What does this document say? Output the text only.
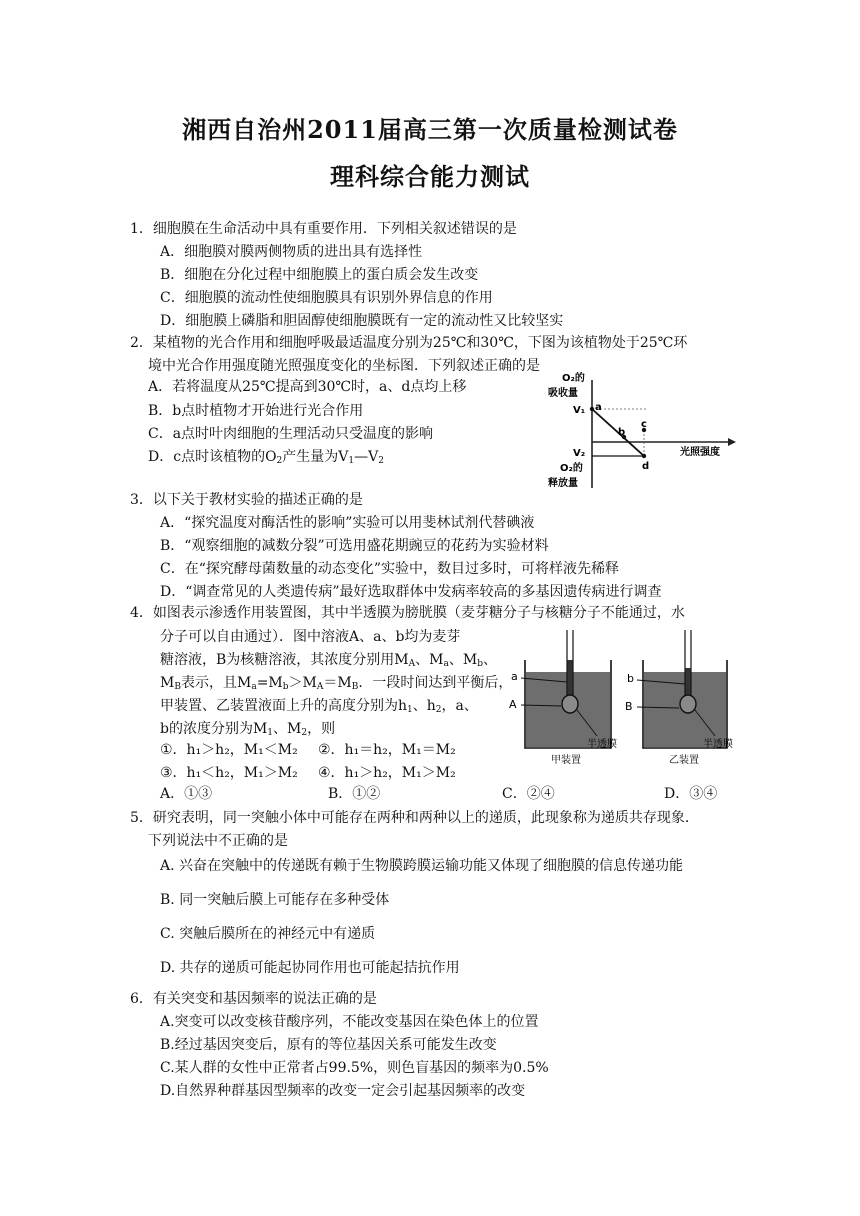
湘西自治州2011届高三第一次质量检测试卷
理科综合能力测试
1．细胞膜在生命活动中具有重要作用．下列相关叙述错误的是
A．细胞膜对膜两侧物质的进出具有选择性
B．细胞在分化过程中细胞膜上的蛋白质会发生改变
C．细胞膜的流动性使细胞膜具有识别外界信息的作用
D．细胞膜上磷脂和胆固醇使细胞膜既有一定的流动性又比较坚实
2．某植物的光合作用和细胞呼吸最适温度分别为25℃和30℃，下图为该植物处于25℃环
境中光合作用强度随光照强度变化的坐标图．下列叙述正确的是
A．若将温度从25℃提高到30℃时，a、d点均上移
B．b点时植物才开始进行光合作用
C．a点时叶肉细胞的生理活动只受温度的影响
D．c点时该植物的$O_2$产生量为$V_1—V_2$
O₂的
吸收量
V₁ a
b
c
光照强度
V₂
d
O₂的
释放量
3．以下关于教材实验的描述正确的是
A．“探究温度对酶活性的影响”实验可以用斐林试剂代替碘液
B．“观察细胞的减数分裂”可选用盛花期豌豆的花药为实验材料
C．在“探究酵母菌数量的动态变化”实验中，数目过多时，可将样液先稀释
D．“调查常见的人类遗传病”最好选取群体中发病率较高的多基因遗传病进行调查
4．如图表示渗透作用装置图，其中半透膜为膀胱膜（麦芽糖分子与核糖分子不能通过，水
分子可以自由通过）．图中溶液A、a、b均为麦芽
糖溶液，B为核糖溶液，其浓度分别用$M_A$、$M_a$、$M_b$、
$M_B$表示，且$M_a=M_b>M_A=M_B$．一段时间达到平衡后，
甲装置、乙装置液面上升的高度分别为$h_1$、$h_2$，a、
b的浓度分别为$M_1$、$M_2$，则
①．h₁＞h₂，M₁＜M₂ ②．h₁＝h₂，M₁＝M₂
③．h₁＜h₂，M₁＞M₂ ④．h₁＞h₂，M₁＞M₂
A．①③	B．①②	C．②④	D．③④
a
A
半透膜
甲装置
b
B
半透膜
乙装置
5．研究表明，同一突触小体中可能存在两种和两种以上的递质，此现象称为递质共存现象．
下列说法中不正确的是
A. 兴奋在突触中的传递既有赖于生物膜跨膜运输功能又体现了细胞膜的信息传递功能
B. 同一突触后膜上可能存在多种受体
C. 突触后膜所在的神经元中有递质
D. 共存的递质可能起协同作用也可能起拮抗作用
6．有关突变和基因频率的说法正确的是
A.突变可以改变核苷酸序列，不能改变基因在染色体上的位置
B.经过基因突变后，原有的等位基因关系可能发生改变
C.某人群的女性中正常者占99.5%，则色盲基因的频率为0.5%
D.自然界种群基因型频率的改变一定会引起基因频率的改变
